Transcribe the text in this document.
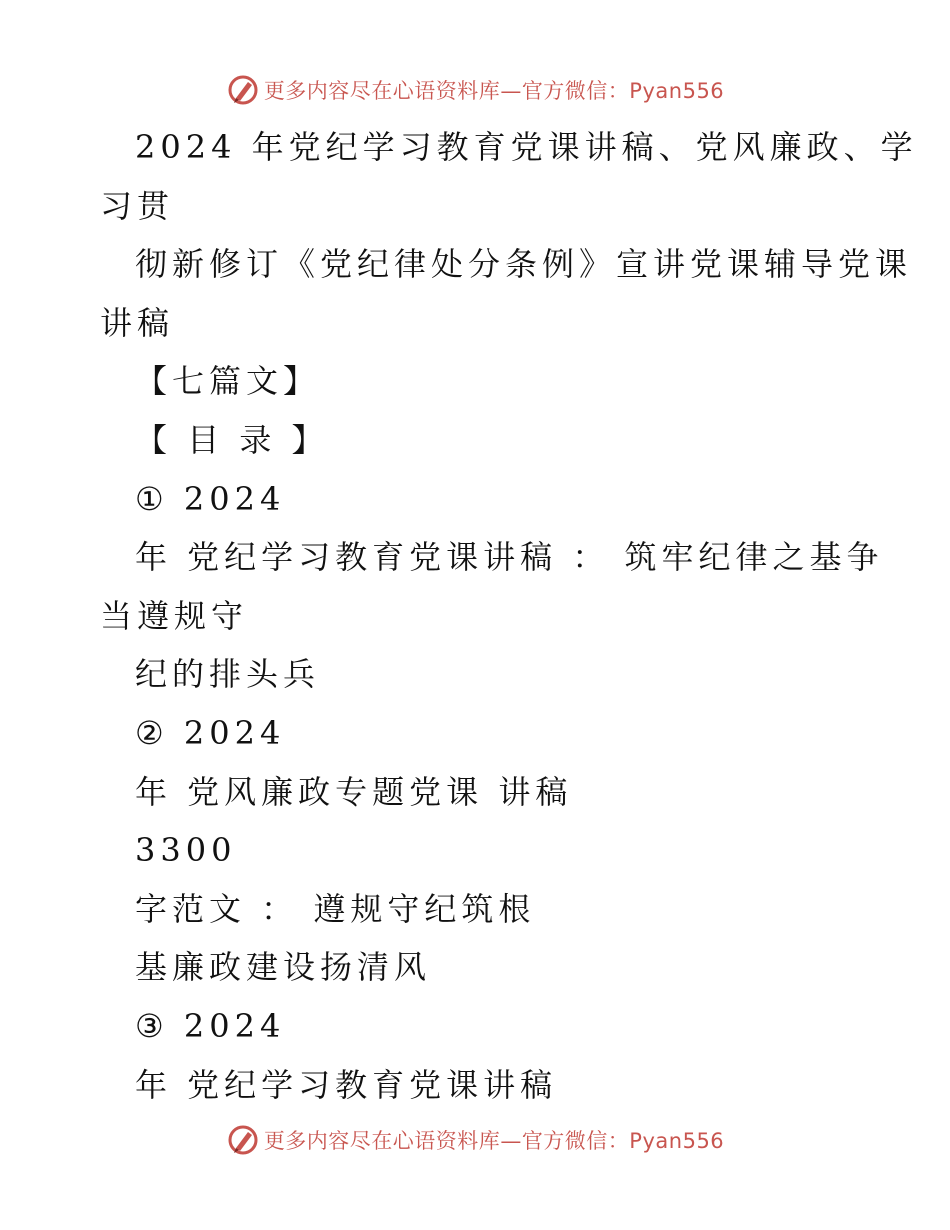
更多内容尽在心语资料库—官方微信：Pyan556
2024 年党纪学习教育党课讲稿、党风廉政、学
习贯
彻新修订《党纪律处分条例》宣讲党课辅导党课
讲稿
【七篇文】
【 目 录 】
① 2024
年 党纪学习教育党课讲稿 ： 筑牢纪律之基争
当遵规守
纪的排头兵
② 2024
年 党风廉政专题党课 讲稿
3300
字范文 ： 遵规守纪筑根
基廉政建设扬清风
③ 2024
年 党纪学习教育党课讲稿
更多内容尽在心语资料库—官方微信：Pyan556
